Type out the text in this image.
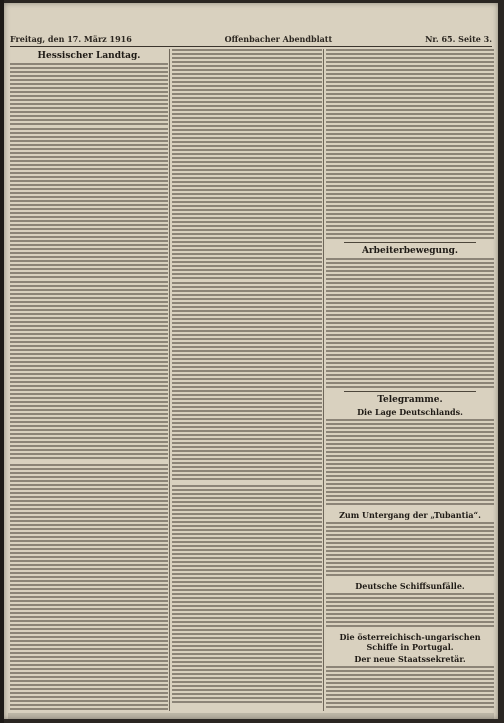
Freitag, den 17. März 1916	Offenbacher Abendblatt	Nr. 65. Seite 3.
Hessischer Landtag.
Arbeiterbewegung.
Telegramme.
Die Lage Deutschlands.
Zum Untergang der „Tubantia“.
Deutsche Schiffsunfälle.
Die österreichisch-ungarischen Schiffe in Portugal.
Der neue Staatssekretär.
